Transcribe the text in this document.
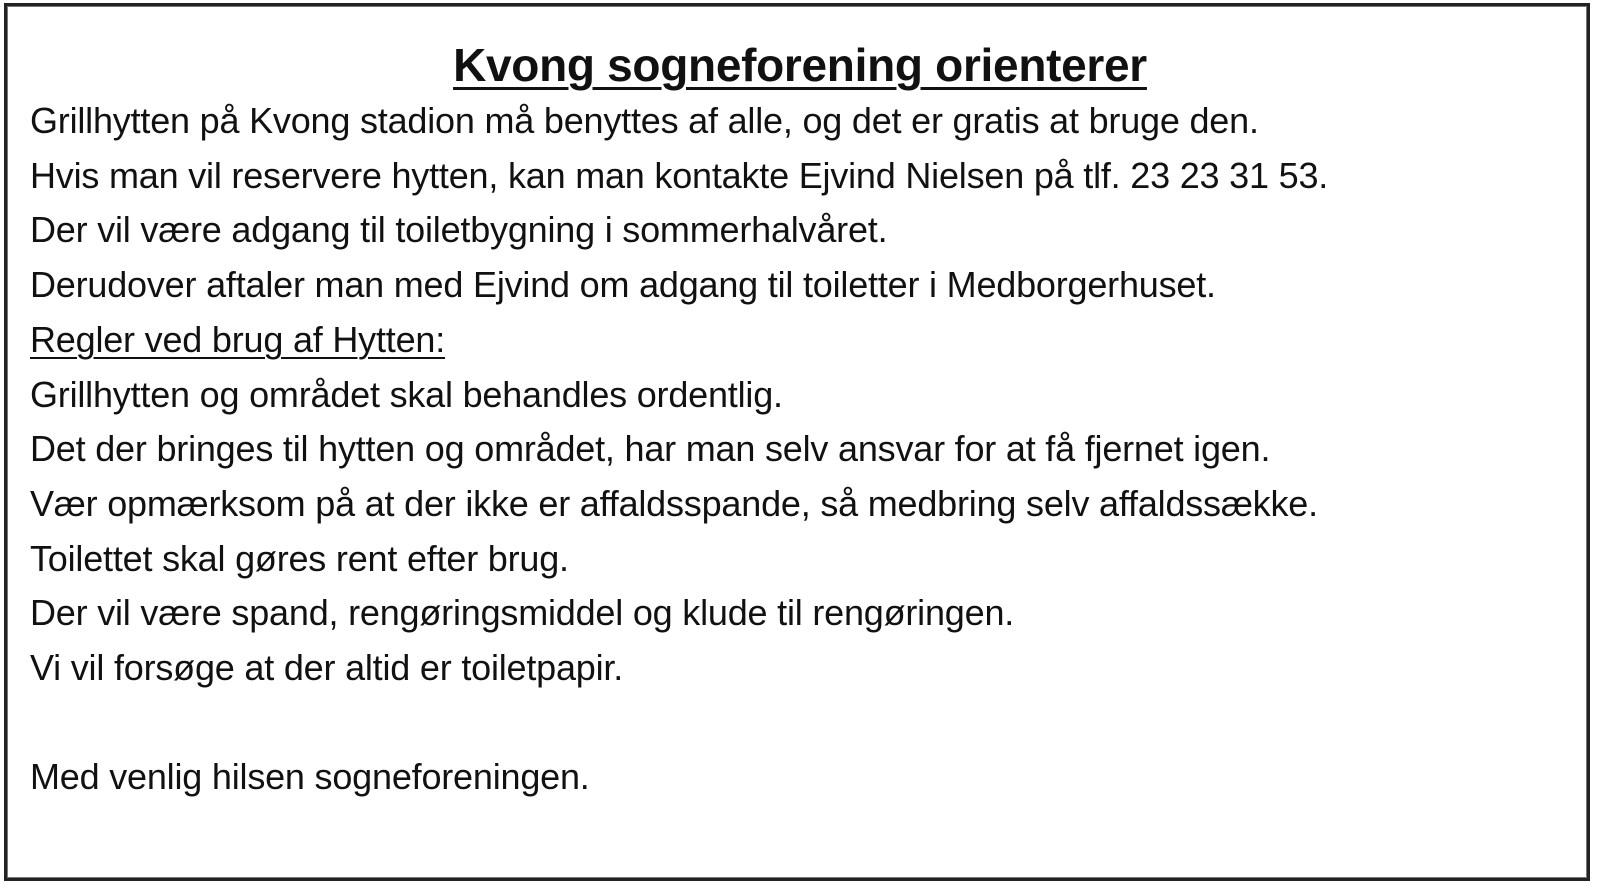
Kvong sogneforening orienterer
Grillhytten på Kvong stadion må benyttes af alle, og det er gratis at bruge den.
Hvis man vil reservere hytten, kan man kontakte Ejvind Nielsen på tlf. 23 23 31 53.
Der vil være adgang til toiletbygning i sommerhalvåret.
Derudover aftaler man med Ejvind om adgang til toiletter i Medborgerhuset.
Regler ved brug af Hytten:
Grillhytten og området skal behandles ordentlig.
Det der bringes til hytten og området, har man selv ansvar for at få fjernet igen.
Vær opmærksom på at der ikke er affaldsspande, så medbring selv affaldssække.
Toilettet skal gøres rent efter brug.
Der vil være spand, rengøringsmiddel og klude til rengøringen.
Vi vil forsøge at der altid er toiletpapir.
Med venlig hilsen sogneforeningen.
